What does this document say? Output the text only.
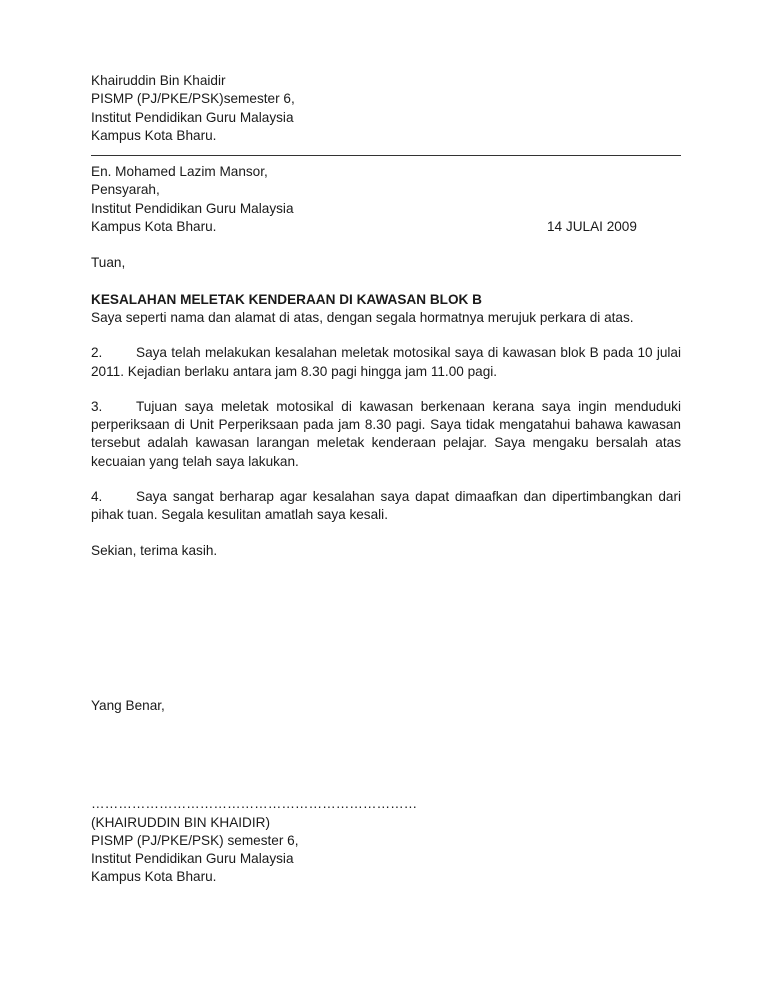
Khairuddin Bin Khaidir
PISMP (PJ/PKE/PSK)semester 6,
Institut Pendidikan Guru Malaysia
Kampus Kota Bharu.
En. Mohamed Lazim Mansor,
Pensyarah,
Institut Pendidikan Guru Malaysia
Kampus Kota Bharu.	14 JULAI 2009
Tuan,
KESALAHAN MELETAK KENDERAAN DI KAWASAN BLOK B
Saya seperti nama dan alamat di atas, dengan segala hormatnya merujuk perkara di atas.
2. Saya telah melakukan kesalahan meletak motosikal saya di kawasan blok B pada 10 julai 2011. Kejadian berlaku antara jam 8.30 pagi hingga jam 11.00 pagi.
3. Tujuan saya meletak motosikal di kawasan berkenaan kerana saya ingin menduduki perperiksaan di Unit Perperiksaan pada jam 8.30 pagi. Saya tidak mengatahui bahawa kawasan tersebut adalah kawasan larangan meletak kenderaan pelajar. Saya mengaku bersalah atas kecuaian yang telah saya lakukan.
4. Saya sangat berharap agar kesalahan saya dapat dimaafkan dan dipertimbangkan dari pihak tuan. Segala kesulitan amatlah saya kesali.
Sekian, terima kasih.
Yang Benar,
………………………………………………………………
(KHAIRUDDIN BIN KHAIDIR)
PISMP (PJ/PKE/PSK) semester 6,
Institut Pendidikan Guru Malaysia
Kampus Kota Bharu.
